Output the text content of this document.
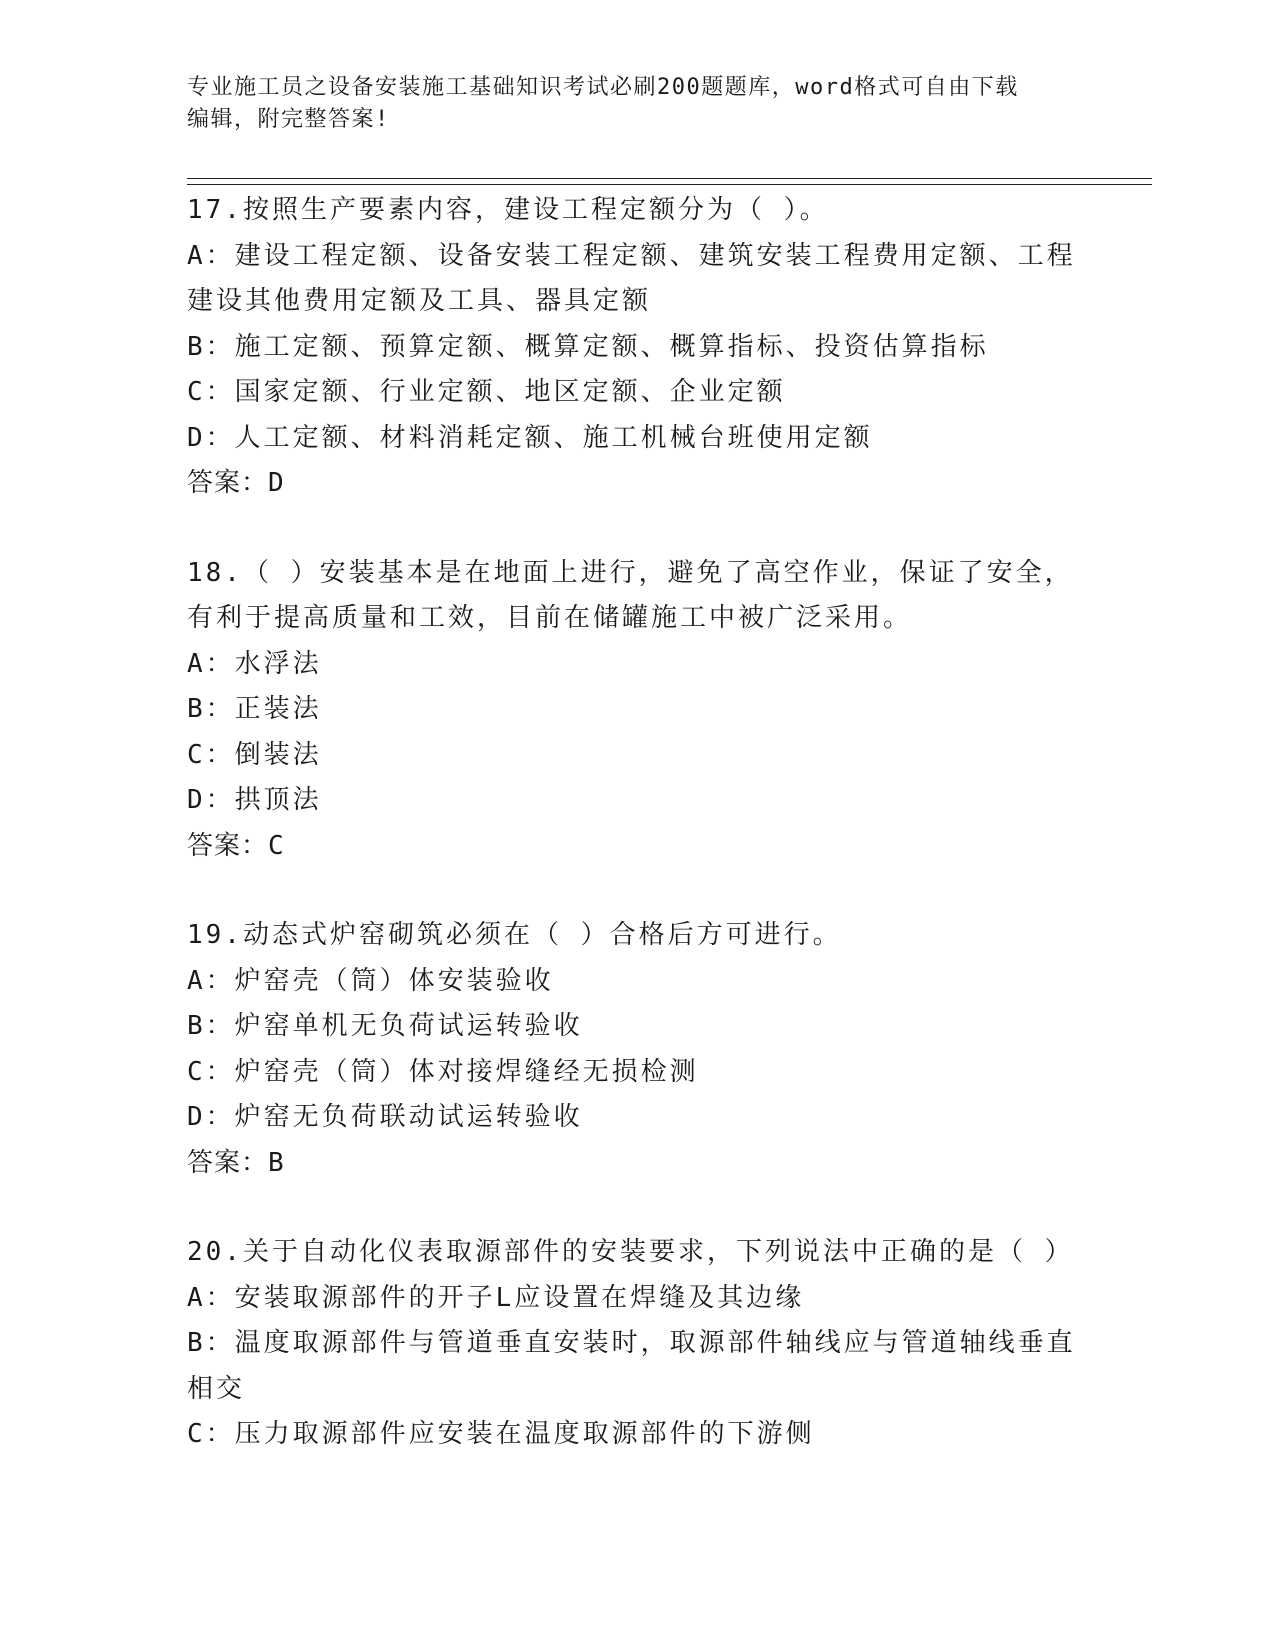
专业施工员之设备安装施工基础知识考试必刷200题题库，word格式可自由下载
编辑，附完整答案!
17.按照生产要素内容，建设工程定额分为（ ）。
A：建设工程定额、设备安装工程定额、建筑安装工程费用定额、工程建设其他费用定额及工具、器具定额
B：施工定额、预算定额、概算定额、概算指标、投资估算指标
C：国家定额、行业定额、地区定额、企业定额
D：人工定额、材料消耗定额、施工机械台班使用定额
答案：D
18.（ ）安装基本是在地面上进行，避免了高空作业，保证了安全，有利于提高质量和工效，目前在储罐施工中被广泛采用。
A：水浮法
B：正装法
C：倒装法
D：拱顶法
答案：C
19.动态式炉窑砌筑必须在（ ）合格后方可进行。
A：炉窑壳（筒）体安装验收
B：炉窑单机无负荷试运转验收
C：炉窑壳（筒）体对接焊缝经无损检测
D：炉窑无负荷联动试运转验收
答案：B
20.关于自动化仪表取源部件的安装要求，下列说法中正确的是（ ）
A：安装取源部件的开子L应设置在焊缝及其边缘
B：温度取源部件与管道垂直安装时，取源部件轴线应与管道轴线垂直相交
C：压力取源部件应安装在温度取源部件的下游侧
